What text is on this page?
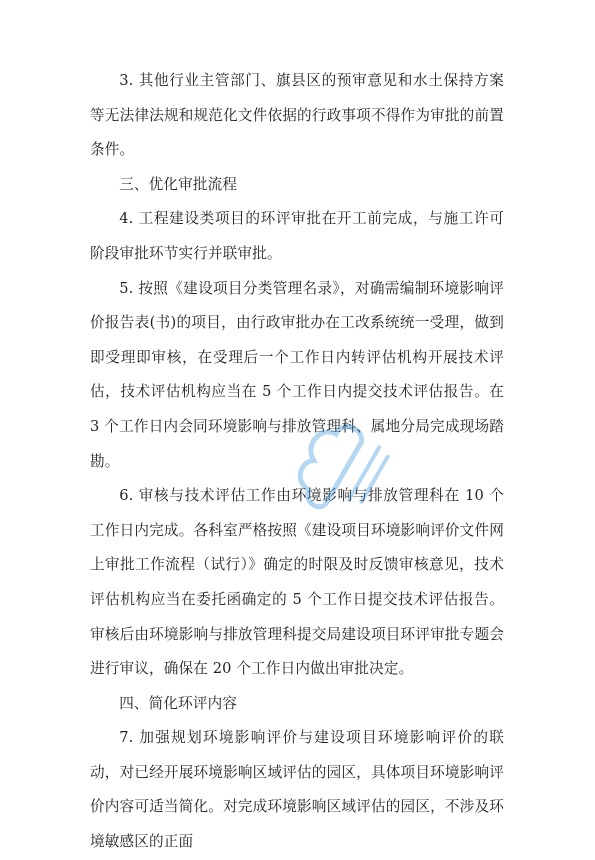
3. 其他行业主管部门、旗县区的预审意见和水土保持方案等无法律法规和规范化文件依据的行政事项不得作为审批的前置条件。

三、优化审批流程

4. 工程建设类项目的环评审批在开工前完成，与施工许可阶段审批环节实行并联审批。

5. 按照《建设项目分类管理名录》，对确需编制环境影响评价报告表(书)的项目，由行政审批办在工改系统统一受理，做到即受理即审核，在受理后一个工作日内转评估机构开展技术评估，技术评估机构应当在 5 个工作日内提交技术评估报告。在 3 个工作日内会同环境影响与排放管理科、属地分局完成现场踏勘。

6. 审核与技术评估工作由环境影响与排放管理科在 10 个工作日内完成。各科室严格按照《建设项目环境影响评价文件网上审批工作流程（试行）》确定的时限及时反馈审核意见，技术评估机构应当在委托函确定的 5 个工作日提交技术评估报告。审核后由环境影响与排放管理科提交局建设项目环评审批专题会进行审议，确保在 20 个工作日内做出审批决定。

四、简化环评内容

7. 加强规划环境影响评价与建设项目环境影响评价的联动，对已经开展环境影响区域评估的园区，具体项目环境影响评价内容可适当简化。对完成环境影响区域评估的园区，不涉及环境敏感区的正面
